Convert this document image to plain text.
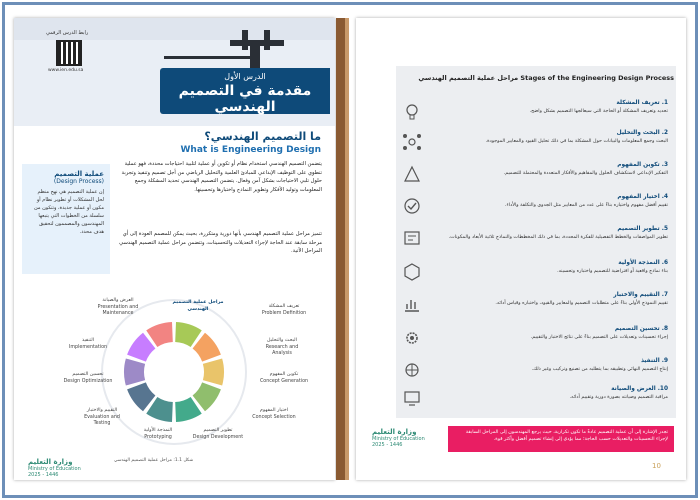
رابط الدرس الرقمي
www.ien.edu.sa
الدرس الأول
مقدمة في التصميم الهندسي
ما التصميم الهندسي؟
What is Engineering Design
عملية التصميم
(Design Process)
إن عملية التصميم هي نهج منظم لحل المشكلات أو تطوير نظام أو مكون أو عملية جديدة، وتتكون من سلسلة من الخطوات التي يتبعها المهندسون والمصممون لتحقيق هدف محدد.
يتضمن التصميم الهندسي استخدام نظام أو تكوين أو عملية لتلبية احتياجات محددة، فهو عملية تنطوي على التوظيف الإبداعي للمبادئ العلمية والتحليل الرياضي من أجل تصميم وتنفيذ وتجربة حلول تلبي الاحتياجات بشكل آمن وفعال. يتضمن التصميم الهندسي تحديد المشكلة وجمع المعلومات وتوليد الأفكار وتطوير النماذج واختبارها وتحسينها.
تتميز مراحل عملية التصميم الهندسي بأنها دورية ومتكررة، بحيث يمكن للمصمم العودة إلى أي مرحلة سابقة عند الحاجة لإجراء التعديلات والتحسينات، وتتضمن مراحل عملية التصميم الهندسي المراحل الآتية.
العرض والصيانة
Presentation and Maintenance
مراحل عملية التصميم الهندسي	تعريف المشكلة
Problem Definition
التنفيذ
Implementation
البحث والتحليل
Research and Analysis
تحسين التصميم
Design Optimization
تكوين المفهوم
Concept Generation
التقييم والاختبار
Evaluation and Testing
اختيار المفهوم
Concept Selection
النمذجة الأولية
Prototyping
تطوير التصميم
Design Development
شكل 1.1: مراحل عملية التصميم الهندسي
وزارة التعليم
Ministry of Education
2025 - 1446
مراحل عملية التصميم الهندسي Stages of the Engineering Design Process
1. تعريف المشكلة
تحديد وتعريف المشكلة أو الحاجة التي سيعالجها التصميم بشكل واضح.
2. البحث والتحليل
البحث وجمع المعلومات والبيانات حول المشكلة بما في ذلك تحليل القيود والمعايير الموجودة.
3. تكوين المفهوم
التفكير الإبداعي لاستكشاف الحلول والمفاهيم والأفكار المتعددة والمحتملة للتصميم.
4. اختيار المفهوم
تقييم أفضل مفهوم واختياره بناءً على عدد من المعايير مثل الجدوى والتكلفة والأداء.
5. تطوير التصميم
تطوير المواصفات والخطط التفصيلية للفكرة المحددة، بما في ذلك المخططات والنماذج ثلاثية الأبعاد والمكونات.
6. النمذجة الأولية
بناء نماذج واقعية أو افتراضية للتصميم واختباره وتحسينه.
7. التقييم والاختبار
تقييم النموذج الأولي بناءً على متطلبات التصميم والمعايير والقيود، واختباره وقياس أدائه.
8. تحسين التصميم
إجراء تحسينات وتعديلات على التصميم بناءً على نتائج الاختبار والتقييم.
9. التنفيذ
إنتاج التصميم النهائي وتطبيقه بما يتطلبه من تصنيع وتركيب وغير ذلك.
10. العرض والصيانة
مراقبة التصميم وصيانته بصورة دورية وتقييم أدائه.
تجدر الإشارة إلى أن عملية التصميم عادةً ما تكون تكرارية، حيث يرجع المهندسون إلى المراحل السابقة لإجراء التحسينات والتعديلات حسب الحاجة؛ مما يؤدي إلى إنشاء تصميم أفضل وأكثر قوة.
وزارة التعليم
Ministry of Education
2025 - 1446
10
